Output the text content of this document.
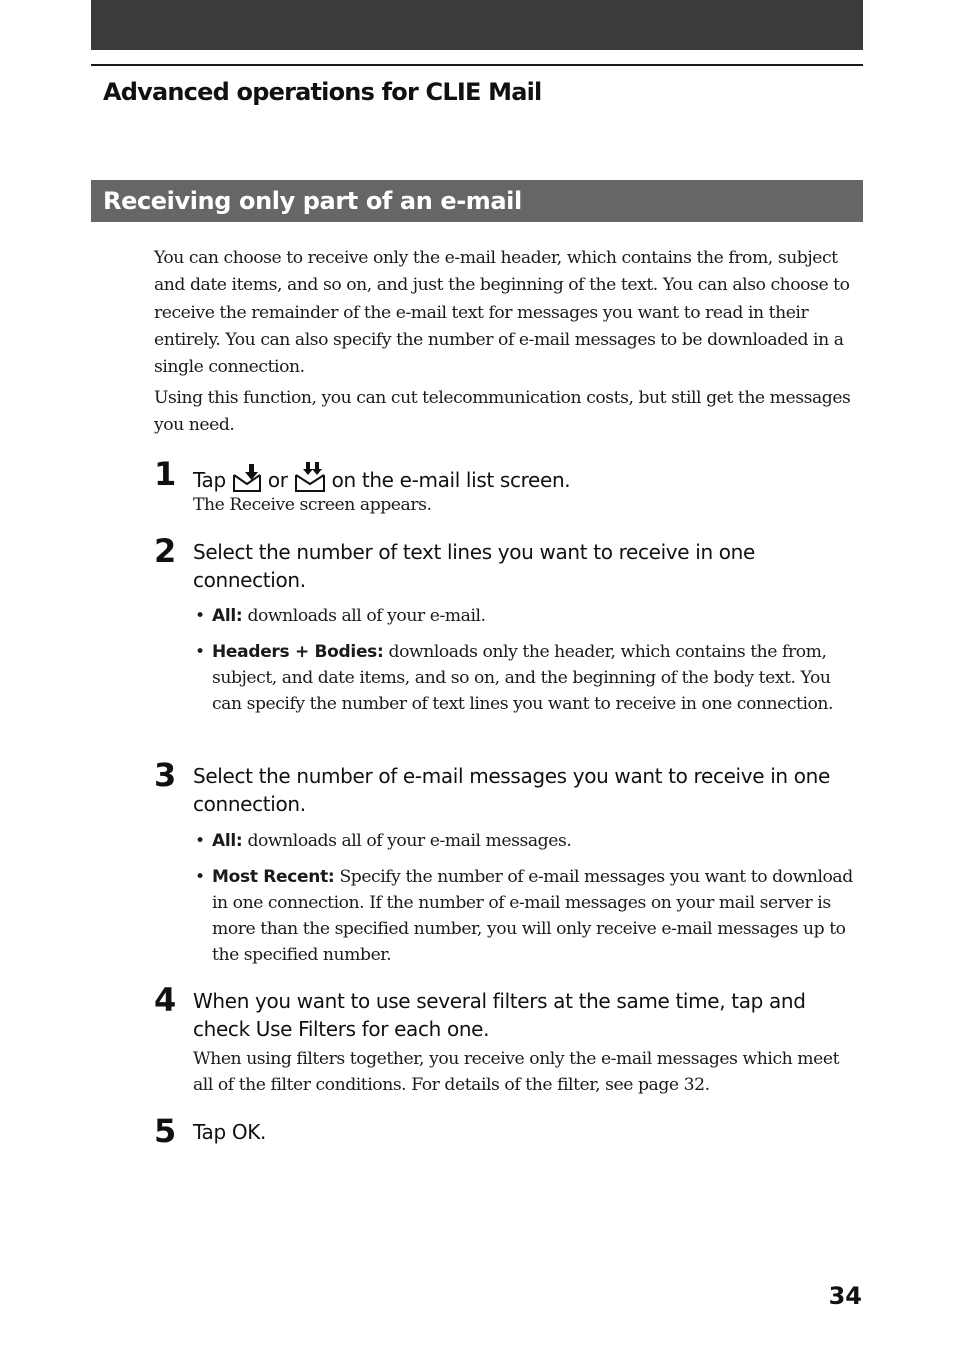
Advanced operations for CLIE Mail
Receiving only part of an e-mail

You can choose to receive only the e-mail header, which contains the from, subject and date items, and so on, and just the beginning of the text. You can also choose to receive the remainder of the e-mail text for messages you want to read in their entirely. You can also specify the number of e-mail messages to be downloaded in a single connection.

Using this function, you can cut telecommunication costs, but still get the messages you need.

1 Tap or on the e-mail list screen.

The Receive screen appears.

2 Select the number of text lines you want to receive in one connection.

• All: downloads all of your e-mail.

• Headers + Bodies: downloads only the header, which contains the from, subject, and date items, and so on, and the beginning of the body text. You can specify the number of text lines you want to receive in one connection.

3 Select the number of e-mail messages you want to receive in one connection.

• All: downloads all of your e-mail messages.

• Most Recent: Specify the number of e-mail messages you want to download in one connection. If the number of e-mail messages on your mail server is more than the specified number, you will only receive e-mail messages up to the specified number.

4 When you want to use several filters at the same time, tap and check Use Filters for each one.

When using filters together, you receive only the e-mail messages which meet all of the filter conditions. For details of the filter, see page 32.

5 Tap OK.

34
